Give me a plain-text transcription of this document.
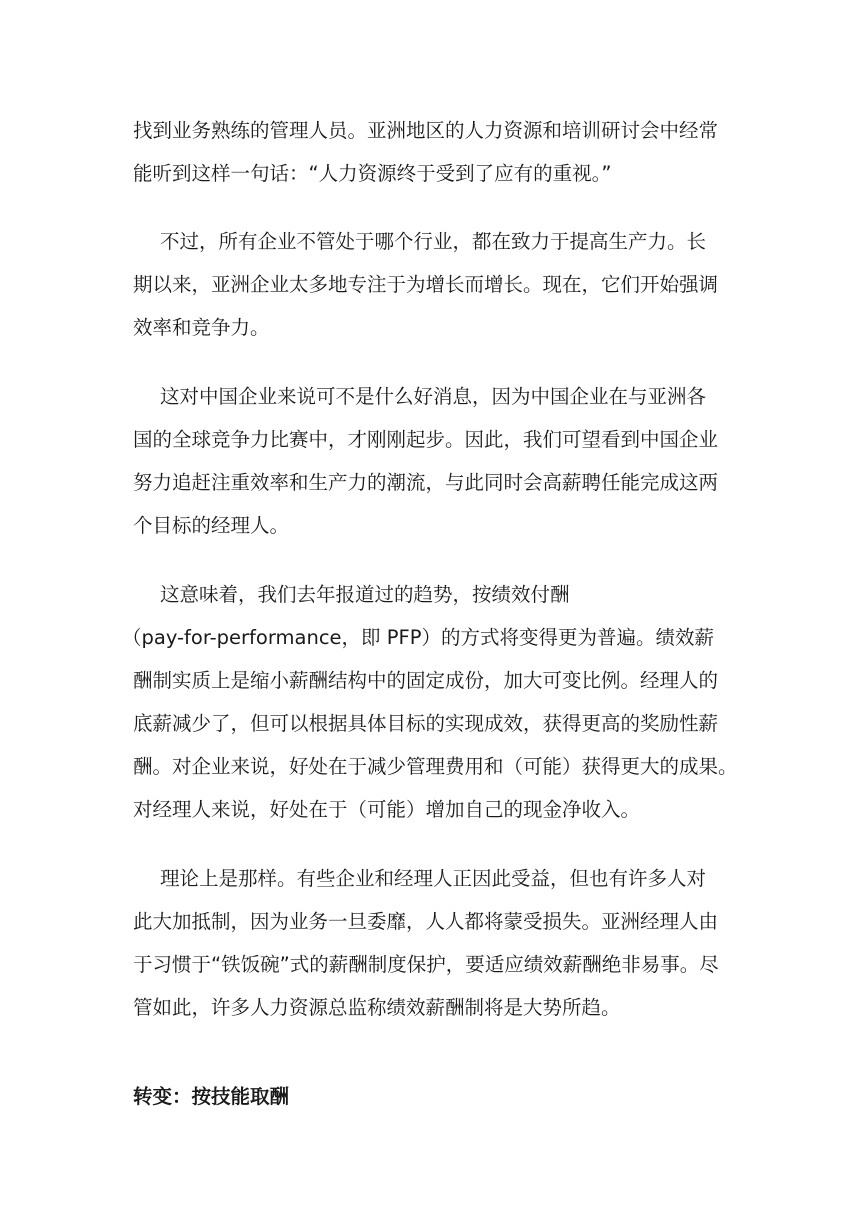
找到业务熟练的管理人员。亚洲地区的人力资源和培训研讨会中经常
能听到这样一句话：“人力资源终于受到了应有的重视。”
不过，所有企业不管处于哪个行业，都在致力于提高生产力。长
期以来，亚洲企业太多地专注于为增长而增长。现在，它们开始强调
效率和竞争力。
这对中国企业来说可不是什么好消息，因为中国企业在与亚洲各
国的全球竞争力比赛中，才刚刚起步。因此，我们可望看到中国企业
努力追赶注重效率和生产力的潮流，与此同时会高薪聘任能完成这两
个目标的经理人。
这意味着，我们去年报道过的趋势，按绩效付酬
（pay-for-performance，即 PFP）的方式将变得更为普遍。绩效薪
酬制实质上是缩小薪酬结构中的固定成份，加大可变比例。经理人的
底薪减少了，但可以根据具体目标的实现成效，获得更高的奖励性薪
酬。对企业来说，好处在于减少管理费用和（可能）获得更大的成果。
对经理人来说，好处在于（可能）增加自己的现金净收入。
理论上是那样。有些企业和经理人正因此受益，但也有许多人对
此大加抵制，因为业务一旦委靡，人人都将蒙受损失。亚洲经理人由
于习惯于“铁饭碗”式的薪酬制度保护，要适应绩效薪酬绝非易事。尽
管如此，许多人力资源总监称绩效薪酬制将是大势所趋。
转变：按技能取酬
